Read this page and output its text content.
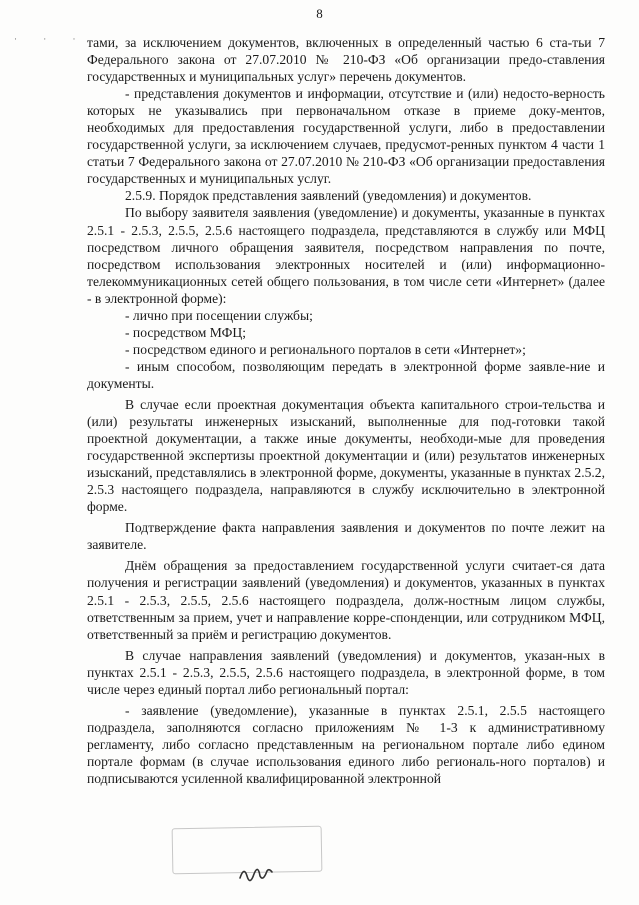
8
· · · тами, за исключением документов, включенных в определенный частью 6 ста-тьи 7 Федерального закона от 27.07.2010 № 210-ФЗ «Об организации предо-ставления государственных и муниципальных услуг» перечень документов.

- представления документов и информации, отсутствие и (или) недосто-верность которых не указывались при первоначальном отказе в приеме доку-ментов, необходимых для предоставления государственной услуги, либо в предоставлении государственной услуги, за исключением случаев, предусмот-ренных пунктом 4 части 1 статьи 7 Федерального закона от 27.07.2010 № 210-ФЗ «Об организации предоставления государственных и муниципальных услуг.

2.5.9. Порядок представления заявлений (уведомления) и документов.

По выбору заявителя заявления (уведомление) и документы, указанные в пунктах 2.5.1 - 2.5.3, 2.5.5, 2.5.6 настоящего подраздела, представляются в службу или МФЦ посредством личного обращения заявителя, посредством направления по почте, посредством использования электронных носителей и (или) информационно-телекоммуникационных сетей общего пользования, в том числе сети «Интернет» (далее - в электронной форме):

- лично при посещении службы;

- посредством МФЦ;

- посредством единого и регионального порталов в сети «Интернет»;

- иным способом, позволяющим передать в электронной форме заявле-ние и документы.

В случае если проектная документация объекта капитального строи-тельства и (или) результаты инженерных изысканий, выполненные для под-готовки такой проектной документации, а также иные документы, необходи-мые для проведения государственной экспертизы проектной документации и (или) результатов инженерных изысканий, представлялись в электронной форме, документы, указанные в пунктах 2.5.2, 2.5.3 настоящего подраздела, направляются в службу исключительно в электронной форме.

Подтверждение факта направления заявления и документов по почте лежит на заявителе.

Днём обращения за предоставлением государственной услуги считает-ся дата получения и регистрации заявлений (уведомления) и документов, указанных в пунктах 2.5.1 - 2.5.3, 2.5.5, 2.5.6 настоящего подраздела, долж-ностным лицом службы, ответственным за прием, учет и направление корре-спонденции, или сотрудником МФЦ, ответственный за приём и регистрацию документов.

В случае направления заявлений (уведомления) и документов, указан-ных в пунктах 2.5.1 - 2.5.3, 2.5.5, 2.5.6 настоящего подраздела, в электронной форме, в том числе через единый портал либо региональный портал:

- заявление (уведомление), указанные в пунктах 2.5.1, 2.5.5 настоящего подраздела, заполняются согласно приложениям № 1-3 к административному регламенту, либо согласно представленным на региональном портале либо едином портале формам (в случае использования единого либо региональ-ного порталов) и подписываются усиленной квалифицированной электронной
